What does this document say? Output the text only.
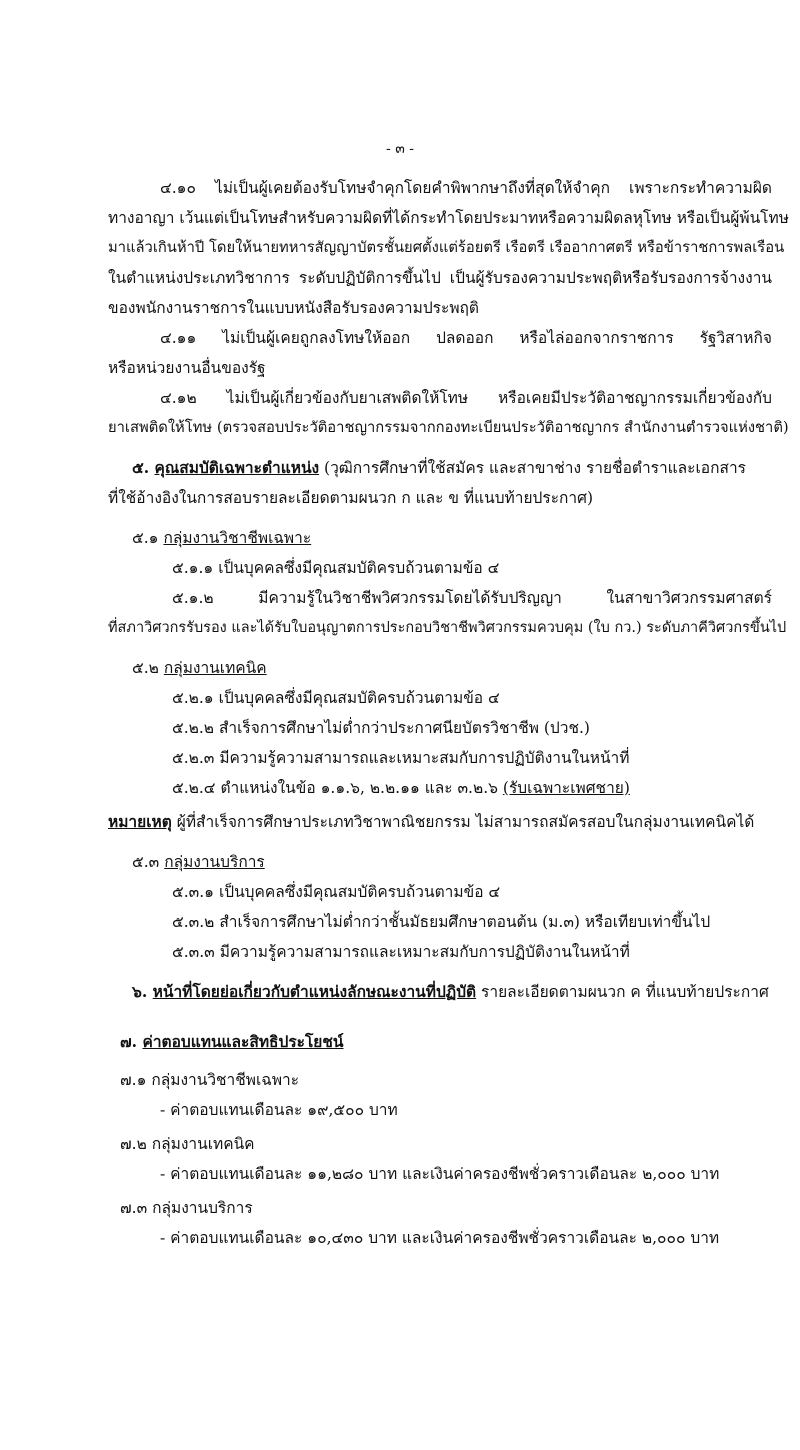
- ๓ -
๔.๑๐ ไม่เป็นผู้เคยต้องรับโทษจำคุกโดยคำพิพากษาถึงที่สุดให้จำคุก เพราะกระทำความผิด
ทางอาญา เว้นแต่เป็นโทษสำหรับความผิดที่ได้กระทำโดยประมาทหรือความผิดลหุโทษ หรือเป็นผู้พ้นโทษ
มาแล้วเกินห้าปี โดยให้นายทหารสัญญาบัตรชั้นยศตั้งแต่ร้อยตรี เรือตรี เรืออากาศตรี หรือข้าราชการพลเรือน
ในตำแหน่งประเภทวิชาการ ระดับปฏิบัติการขึ้นไป เป็นผู้รับรองความประพฤติหรือรับรองการจ้างงาน
ของพนักงานราชการในแบบหนังสือรับรองความประพฤติ
๔.๑๑ ไม่เป็นผู้เคยถูกลงโทษให้ออก ปลดออก หรือไล่ออกจากราชการ รัฐวิสาหกิจ
หรือหน่วยงานอื่นของรัฐ
๔.๑๒ ไม่เป็นผู้เกี่ยวข้องกับยาเสพติดให้โทษ หรือเคยมีประวัติอาชญากรรมเกี่ยวข้องกับ
ยาเสพติดให้โทษ (ตรวจสอบประวัติอาชญากรรมจากกองทะเบียนประวัติอาชญากร สำนักงานตำรวจแห่งชาติ)
๕. คุณสมบัติเฉพาะตำแหน่ง (วุฒิการศึกษาที่ใช้สมัคร และสาขาช่าง รายชื่อตำราและเอกสาร
ที่ใช้อ้างอิงในการสอบรายละเอียดตามผนวก ก และ ข ที่แนบท้ายประกาศ)
๕.๑ กลุ่มงานวิชาชีพเฉพาะ
๕.๑.๑ เป็นบุคคลซึ่งมีคุณสมบัติครบถ้วนตามข้อ ๔
๕.๑.๒ มีความรู้ในวิชาชีพวิศวกรรมโดยได้รับปริญญา ในสาขาวิศวกรรมศาสตร์
ที่สภาวิศวกรรับรอง และได้รับใบอนุญาตการประกอบวิชาชีพวิศวกรรมควบคุม (ใบ กว.) ระดับภาคีวิศวกรขึ้นไป
๕.๒ กลุ่มงานเทคนิค
๕.๒.๑ เป็นบุคคลซึ่งมีคุณสมบัติครบถ้วนตามข้อ ๔
๕.๒.๒ สำเร็จการศึกษาไม่ต่ำกว่าประกาศนียบัตรวิชาชีพ (ปวช.)
๕.๒.๓ มีความรู้ความสามารถและเหมาะสมกับการปฏิบัติงานในหน้าที่
๕.๒.๔ ตำแหน่งในข้อ ๑.๑.๖, ๒.๒.๑๑ และ ๓.๒.๖ (รับเฉพาะเพศชาย)
หมายเหตุ ผู้ที่สำเร็จการศึกษาประเภทวิชาพาณิชยกรรม ไม่สามารถสมัครสอบในกลุ่มงานเทคนิคได้
๕.๓ กลุ่มงานบริการ
๕.๓.๑ เป็นบุคคลซึ่งมีคุณสมบัติครบถ้วนตามข้อ ๔
๕.๓.๒ สำเร็จการศึกษาไม่ต่ำกว่าชั้นมัธยมศึกษาตอนต้น (ม.๓) หรือเทียบเท่าขึ้นไป
๕.๓.๓ มีความรู้ความสามารถและเหมาะสมกับการปฏิบัติงานในหน้าที่
๖. หน้าที่โดยย่อเกี่ยวกับตำแหน่งลักษณะงานที่ปฏิบัติ รายละเอียดตามผนวก ค ที่แนบท้ายประกาศ
๗. ค่าตอบแทนและสิทธิประโยชน์
๗.๑ กลุ่มงานวิชาชีพเฉพาะ
- ค่าตอบแทนเดือนละ ๑๙,๕๐๐ บาท
๗.๒ กลุ่มงานเทคนิค
- ค่าตอบแทนเดือนละ ๑๑,๒๘๐ บาท และเงินค่าครองชีพชั่วคราวเดือนละ ๒,๐๐๐ บาท
๗.๓ กลุ่มงานบริการ
- ค่าตอบแทนเดือนละ ๑๐,๔๓๐ บาท และเงินค่าครองชีพชั่วคราวเดือนละ ๒,๐๐๐ บาท
